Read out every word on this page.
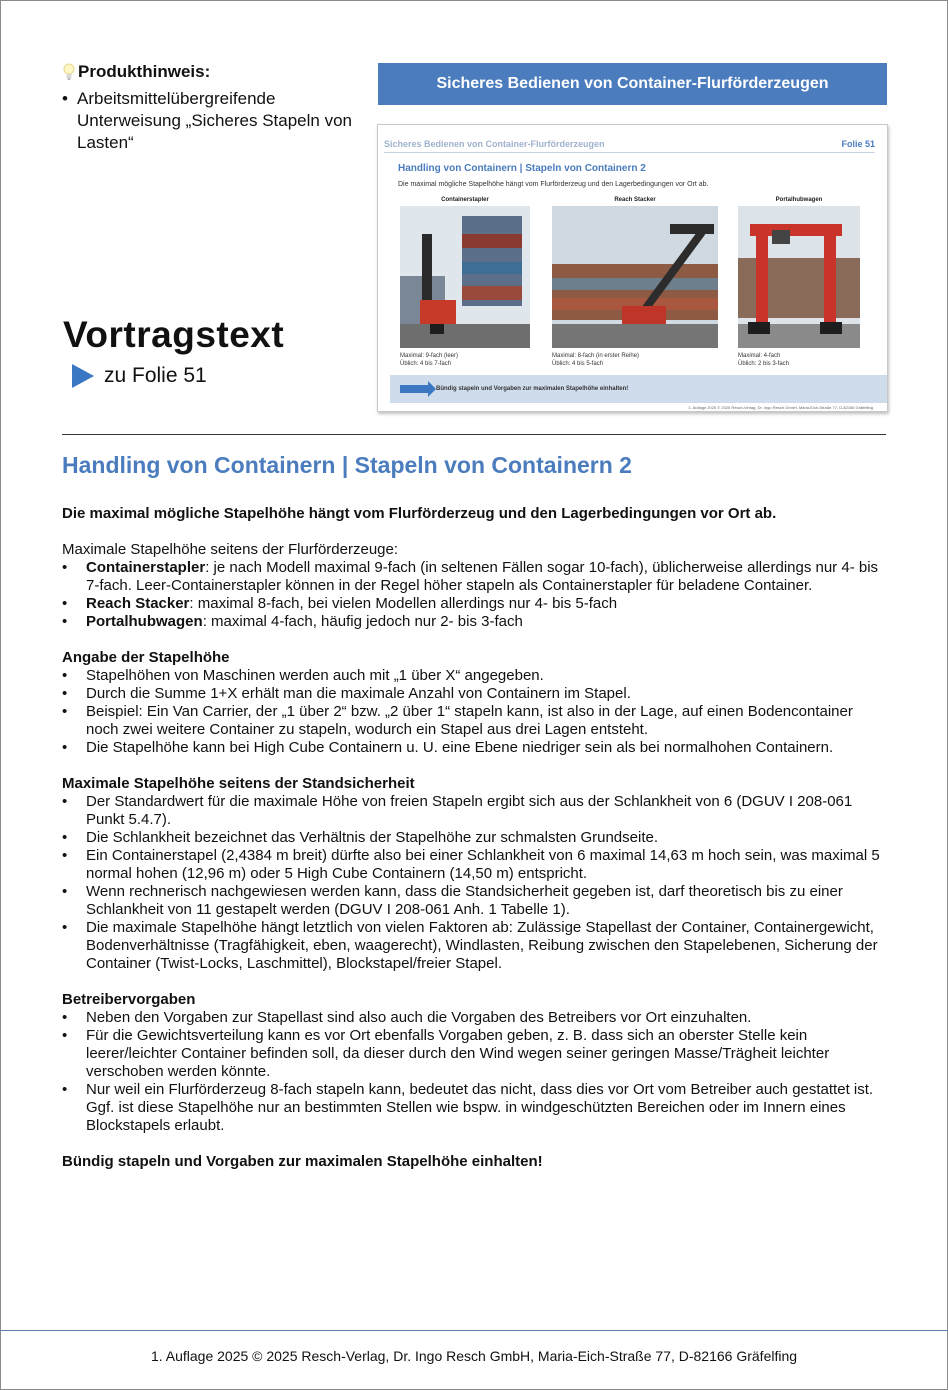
Produkthinweis:
• Arbeitsmittelübergreifende Unterweisung „Sicheres Stapeln von Lasten“
Sicheres Bedienen von Container-Flurförderzeugen
Sicheres Bedienen von Container-Flurförderzeugen	Folie 51
Handling von Containern | Stapeln von Containern 2
Die maximal mögliche Stapelhöhe hängt vom Flurförderzeug und den Lagerbedingungen vor Ort ab.
Containerstapler
Maximal: 9-fach (leer)
Üblich: 4 bis 7-fach
Reach Stacker
Maximal: 8-fach (in erster Reihe)
Üblich: 4 bis 5-fach
Portalhubwagen
Maximal: 4-fach
Üblich: 2 bis 3-fach
Bündig stapeln und Vorgaben zur maximalen Stapelhöhe einhalten!
1. Auflage 2025 © 2025 Resch-Verlag, Dr. Ingo Resch GmbH, Maria-Eich-Straße 77, D-82166 Gräfelfing
Vortragstext
zu Folie 51
Handling von Containern | Stapeln von Containern 2

Die maximal mögliche Stapelhöhe hängt vom Flurförderzeug und den Lagerbedingungen vor Ort ab.

Maximale Stapelhöhe seitens der Flurförderzeuge:

• Containerstapler: je nach Modell maximal 9-fach (in seltenen Fällen sogar 10-fach), üblicherweise allerdings nur 4- bis 7-fach. Leer-Containerstapler können in der Regel höher stapeln als Containerstapler für beladene Container.
• Reach Stacker: maximal 8-fach, bei vielen Modellen allerdings nur 4- bis 5-fach
• Portalhubwagen: maximal 4-fach, häufig jedoch nur 2- bis 3-fach

Angabe der Stapelhöhe

• Stapelhöhen von Maschinen werden auch mit „1 über X“ angegeben.
• Durch die Summe 1+X erhält man die maximale Anzahl von Containern im Stapel.
• Beispiel: Ein Van Carrier, der „1 über 2“ bzw. „2 über 1“ stapeln kann, ist also in der Lage, auf einen Bodencontainer noch zwei weitere Container zu stapeln, wodurch ein Stapel aus drei Lagen entsteht.
• Die Stapelhöhe kann bei High Cube Containern u. U. eine Ebene niedriger sein als bei normalhohen Containern.

Maximale Stapelhöhe seitens der Standsicherheit

• Der Standardwert für die maximale Höhe von freien Stapeln ergibt sich aus der Schlankheit von 6 (DGUV I 208-061 Punkt 5.4.7).
• Die Schlankheit bezeichnet das Verhältnis der Stapelhöhe zur schmalsten Grundseite.
• Ein Containerstapel (2,4384 m breit) dürfte also bei einer Schlankheit von 6 maximal 14,63 m hoch sein, was maximal 5 normal hohen (12,96 m) oder 5 High Cube Containern (14,50 m) entspricht.
• Wenn rechnerisch nachgewiesen werden kann, dass die Standsicherheit gegeben ist, darf theoretisch bis zu einer Schlankheit von 11 gestapelt werden (DGUV I 208-061 Anh. 1 Tabelle 1).
• Die maximale Stapelhöhe hängt letztlich von vielen Faktoren ab: Zulässige Stapellast der Container, Containergewicht, Bodenverhältnisse (Tragfähigkeit, eben, waagerecht), Windlasten, Reibung zwischen den Stapelebenen, Sicherung der Container (Twist-Locks, Laschmittel), Blockstapel/freier Stapel.

Betreibervorgaben

• Neben den Vorgaben zur Stapellast sind also auch die Vorgaben des Betreibers vor Ort einzuhalten.
• Für die Gewichtsverteilung kann es vor Ort ebenfalls Vorgaben geben, z. B. dass sich an oberster Stelle kein leerer/leichter Container befinden soll, da dieser durch den Wind wegen seiner geringen Masse/Trägheit leichter verschoben werden könnte.
• Nur weil ein Flurförderzeug 8-fach stapeln kann, bedeutet das nicht, dass dies vor Ort vom Betreiber auch gestattet ist. Ggf. ist diese Stapelhöhe nur an bestimmten Stellen wie bspw. in windgeschützten Bereichen oder im Innern eines Blockstapels erlaubt.

Bündig stapeln und Vorgaben zur maximalen Stapelhöhe einhalten!

1. Auflage 2025 © 2025 Resch-Verlag, Dr. Ingo Resch GmbH, Maria-Eich-Straße 77, D-82166 Gräfelfing
